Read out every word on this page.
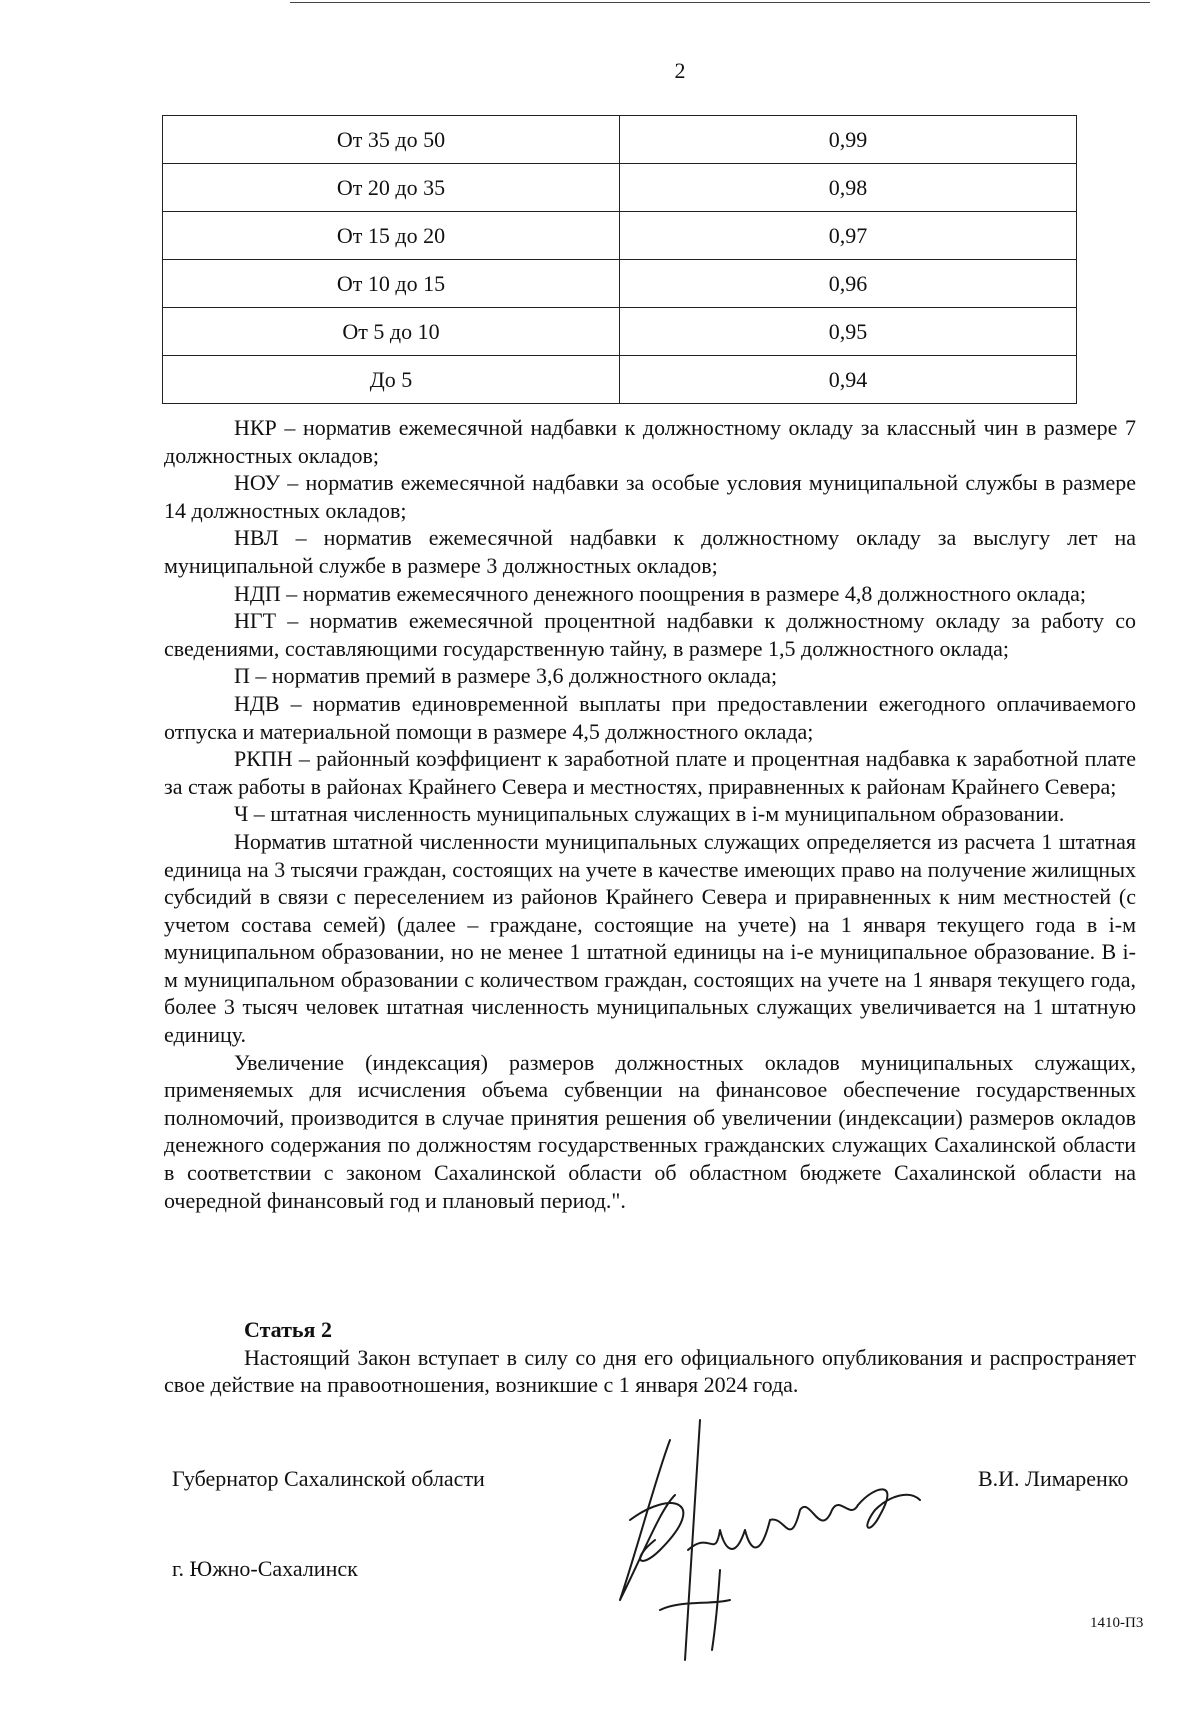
2
От 35 до 50	0,99
От 20 до 35	0,98
От 15 до 20	0,97
От 10 до 15	0,96
От 5 до 10	0,95
До 5	0,94

НКР – норматив ежемесячной надбавки к должностному окладу за классный чин в размере 7 должностных окладов;

НОУ – норматив ежемесячной надбавки за особые условия муниципальной службы в размере 14 должностных окладов;

НВЛ – норматив ежемесячной надбавки к должностному окладу за выслугу лет на муниципальной службе в размере 3 должностных окладов;

НДП – норматив ежемесячного денежного поощрения в размере 4,8 должностного оклада;

НГТ – норматив ежемесячной процентной надбавки к должностному окладу за работу со сведениями, составляющими государственную тайну, в размере 1,5 должностного оклада;

П – норматив премий в размере 3,6 должностного оклада;

НДВ – норматив единовременной выплаты при предоставлении ежегодного оплачиваемого отпуска и материальной помощи в размере 4,5 должностного оклада;

РКПН – районный коэффициент к заработной плате и процентная надбавка к заработной плате за стаж работы в районах Крайнего Севера и местностях, приравненных к районам Крайнего Севера;

Ч – штатная численность муниципальных служащих в i-м муниципальном образовании.

Норматив штатной численности муниципальных служащих определяется из расчета 1 штатная единица на 3 тысячи граждан, состоящих на учете в качестве имеющих право на получение жилищных субсидий в связи с переселением из районов Крайнего Севера и приравненных к ним местностей (с учетом состава семей) (далее – граждане, состоящие на учете) на 1 января текущего года в i-м муниципальном образовании, но не менее 1 штатной единицы на i-е муниципальное образование. В i-м муниципальном образовании с количеством граждан, состоящих на учете на 1 января текущего года, более 3 тысяч человек штатная численность муниципальных служащих увеличивается на 1 штатную единицу.

Увеличение (индексация) размеров должностных окладов муниципальных служащих, применяемых для исчисления объема субвенции на финансовое обеспечение государственных полномочий, производится в случае принятия решения об увеличении (индексации) размеров окладов денежного содержания по должностям государственных гражданских служащих Сахалинской области в соответствии с законом Сахалинской области об областном бюджете Сахалинской области на очередной финансовый год и плановый период.".

Статья 2

Настоящий Закон вступает в силу со дня его официального опубликования и распространяет свое действие на правоотношения, возникшие с 1 января 2024 года.

Губернатор Сахалинской области	В.И. Лимаренко
г. Южно-Сахалинск
1410-П3
